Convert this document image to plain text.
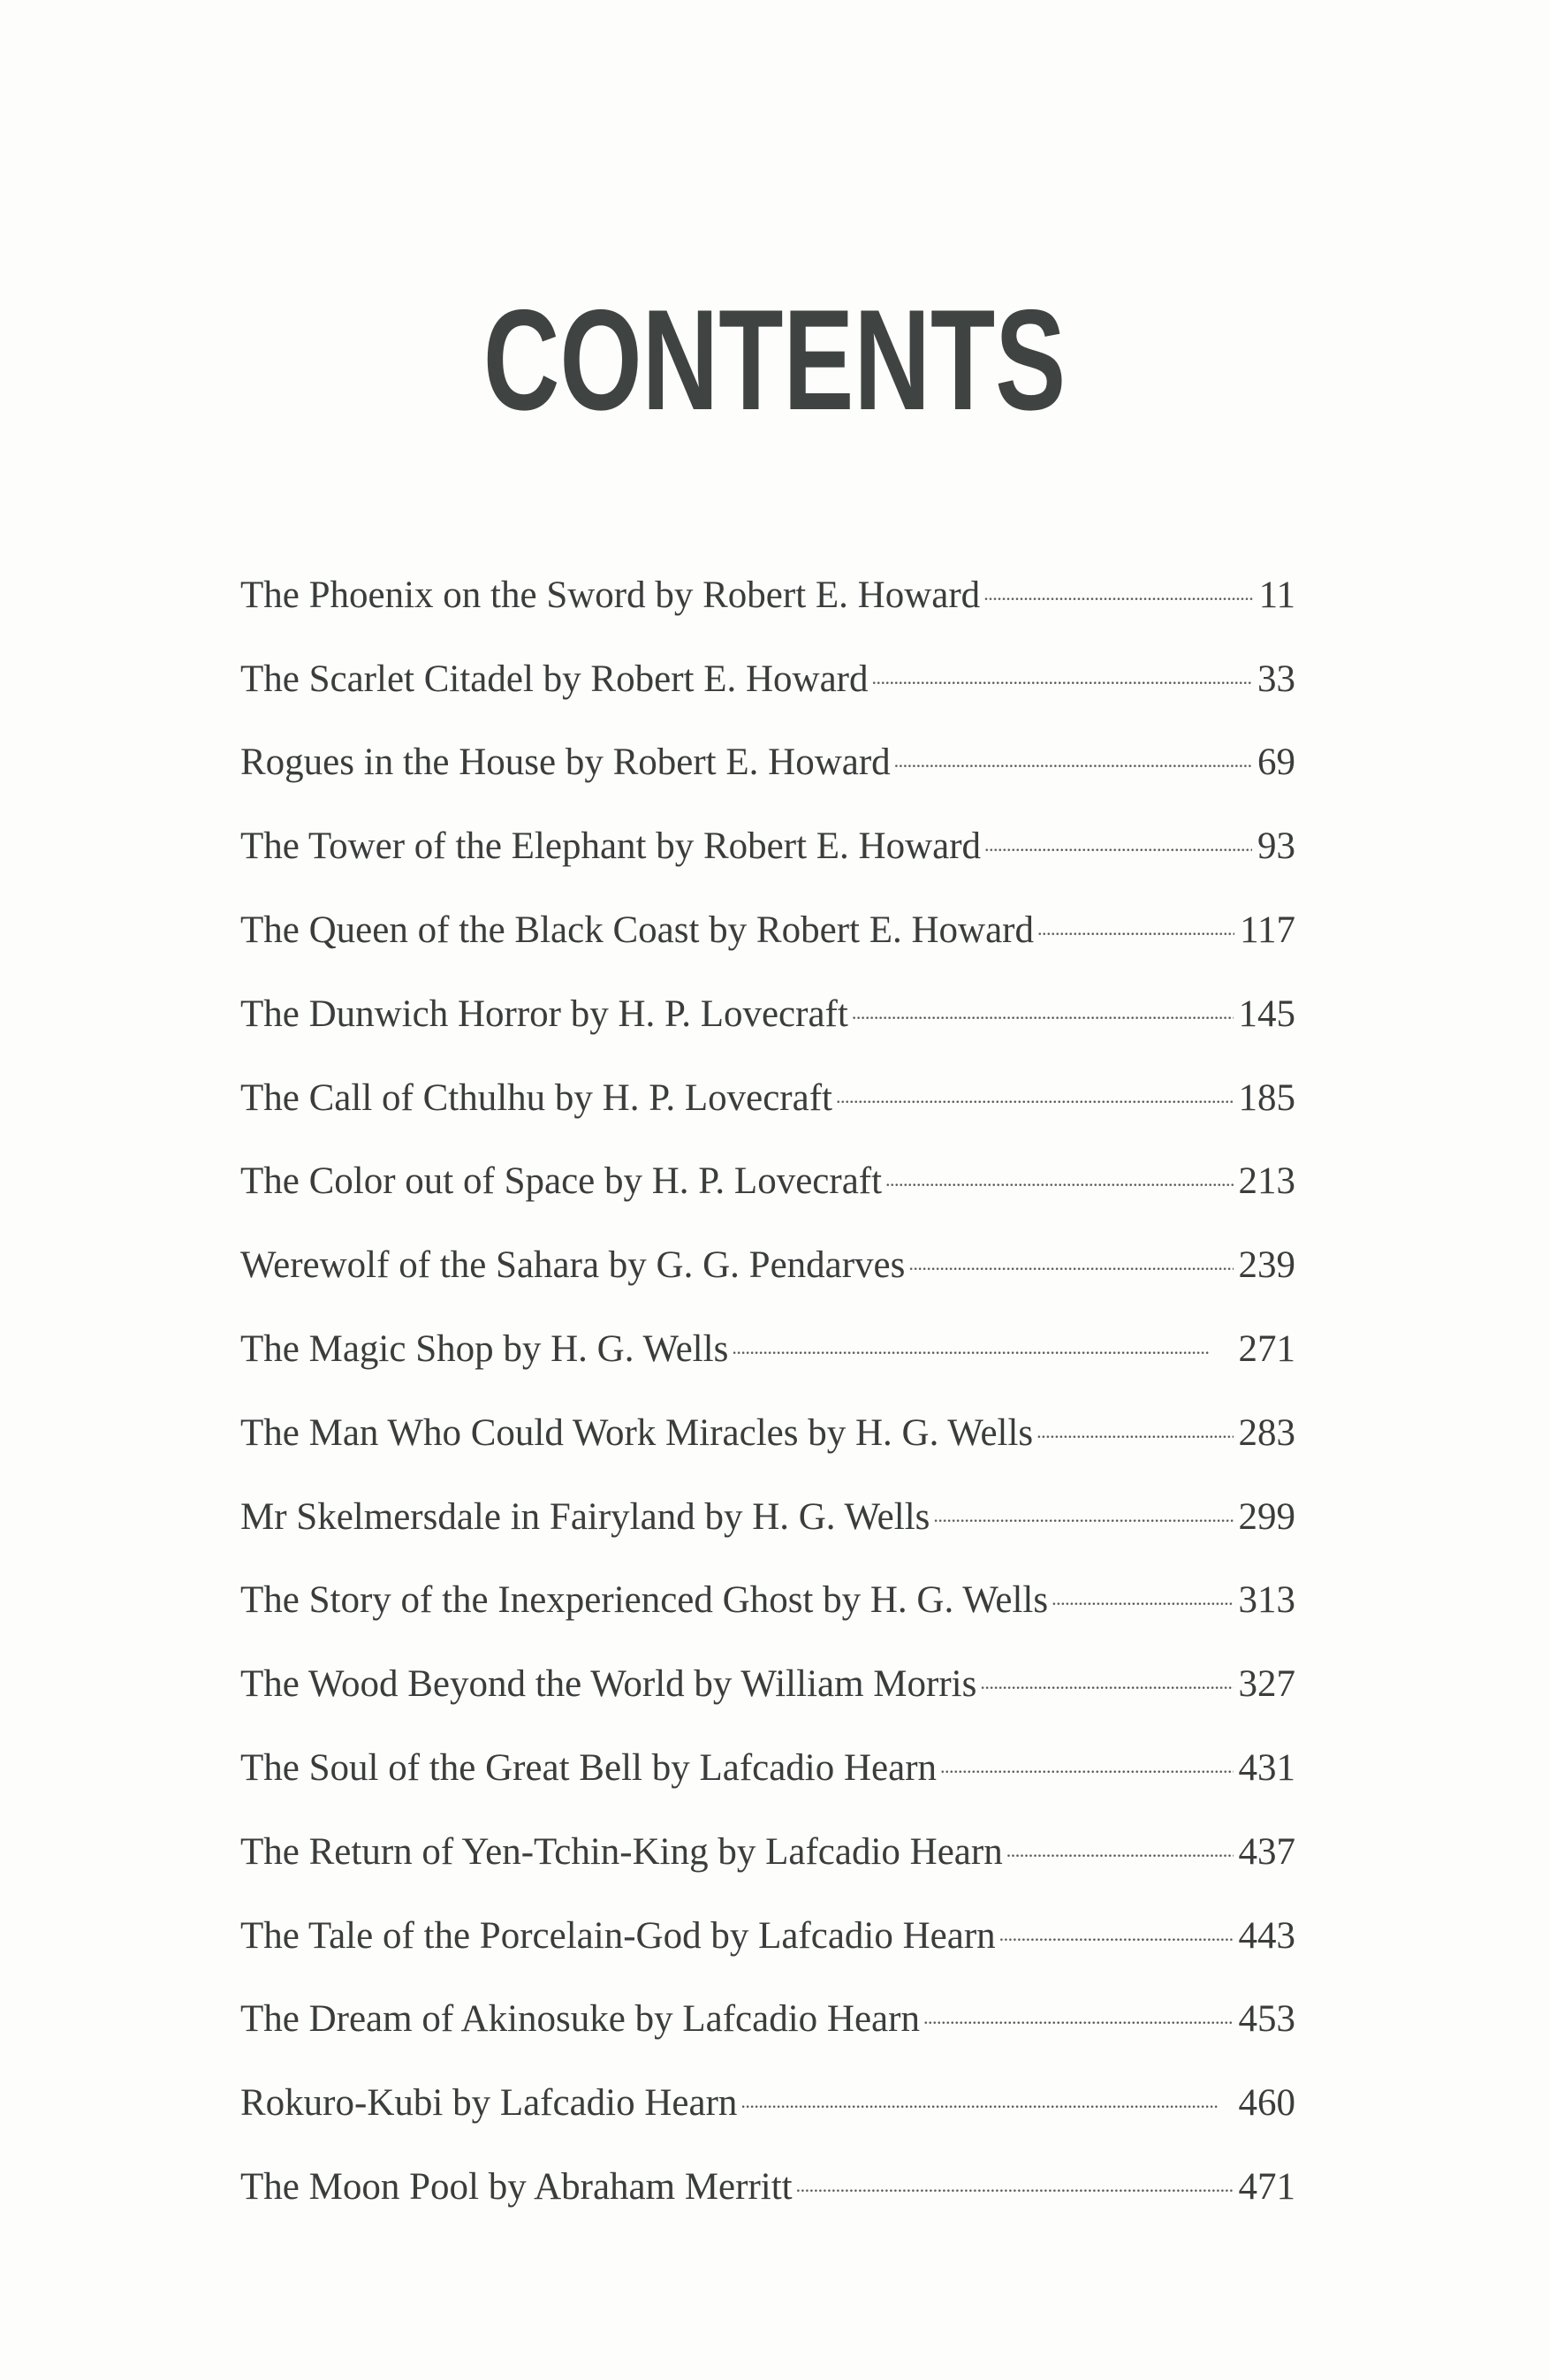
CONTENTS
The Phoenix on the Sword by Robert E. Howard . . .	11
The Scarlet Citadel by Robert E. Howard . . .	33
Rogues in the House by Robert E. Howard . . .	69
The Tower of the Elephant by Robert E. Howard . . .	93
The Queen of the Black Coast by Robert E. Howard . . .	117
The Dunwich Horror by H. P. Lovecraft . . .	145
The Call of Cthulhu by H. P. Lovecraft . . .	185
The Color out of Space by H. P. Lovecraft . . .	213
Werewolf of the Sahara by G. G. Pendarves . . .	239
The Magic Shop by H. G. Wells . . .	271
The Man Who Could Work Miracles by H. G. Wells . . .	283
Mr Skelmersdale in Fairyland by H. G. Wells . . .	299
The Story of the Inexperienced Ghost by H. G. Wells . . .	313
The Wood Beyond the World by William Morris . . .	327
The Soul of the Great Bell by Lafcadio Hearn . . .	431
The Return of Yen-Tchin-King by Lafcadio Hearn . . .	437
The Tale of the Porcelain-God by Lafcadio Hearn . . .	443
The Dream of Akinosuke by Lafcadio Hearn . . .	453
Rokuro-Kubi by Lafcadio Hearn . . .	460
The Moon Pool by Abraham Merritt . . .	471
